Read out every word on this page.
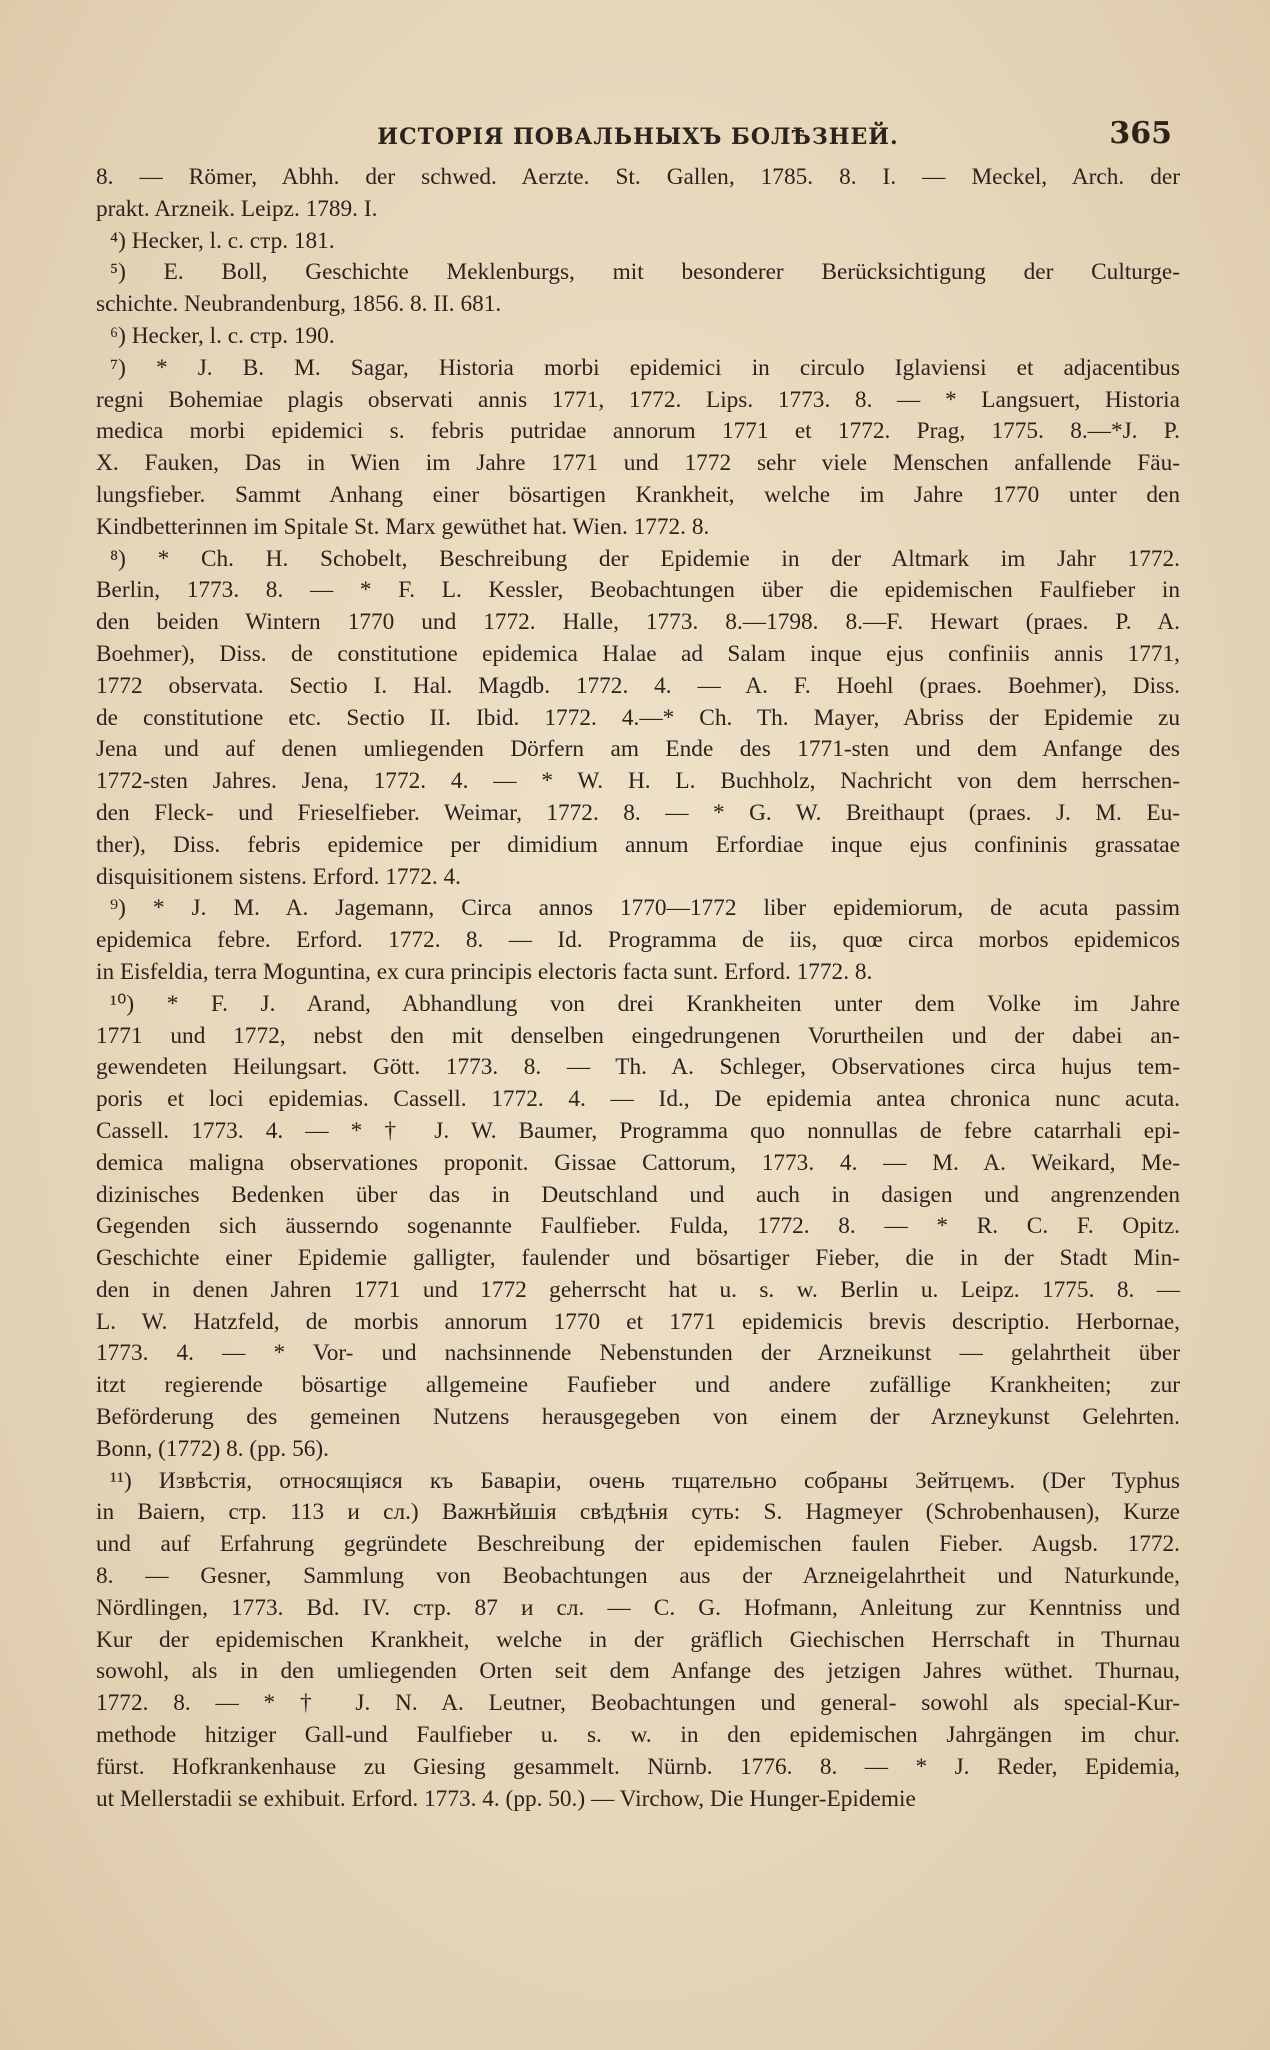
ИСТОРІЯ ПОВАЛЬНЫХЪ БОЛѢЗНЕЙ.	365

8. — Römer, Abhh. der schwed. Aerzte. St. Gallen, 1785. 8. I. — Meckel, Arch. der
prakt. Arzneik. Leipz. 1789. I.

⁴) Hecker, l. c. стр. 181.

⁵) E. Boll, Geschichte Meklenburgs, mit besonderer Berücksichtigung der Culturge-
schichte. Neubrandenburg, 1856. 8. II. 681.

⁶) Hecker, l. c. стр. 190.

⁷) * J. B. M. Sagar, Historia morbi epidemici in circulo Iglaviensi et adjacentibus
regni Bohemiae plagis observati annis 1771, 1772. Lips. 1773. 8. — * Langsuert, Historia
medica morbi epidemici s. febris putridae annorum 1771 et 1772. Prag, 1775. 8.—*J. P.
X. Fauken, Das in Wien im Jahre 1771 und 1772 sehr viele Menschen anfallende Fäu-
lungsfieber. Sammt Anhang einer bösartigen Krankheit, welche im Jahre 1770 unter den
Kindbetterinnen im Spitale St. Marx gewüthet hat. Wien. 1772. 8.

⁸) * Ch. H. Schobelt, Beschreibung der Epidemie in der Altmark im Jahr 1772.
Berlin, 1773. 8. — * F. L. Kessler, Beobachtungen über die epidemischen Faulfieber in
den beiden Wintern 1770 und 1772. Halle, 1773. 8.—1798. 8.—F. Hewart (praes. P. A.
Boehmer), Diss. de constitutione epidemica Halae ad Salam inque ejus confiniis annis 1771,
1772 observata. Sectio I. Hal. Magdb. 1772. 4. — A. F. Hoehl (praes. Boehmer), Diss.
de constitutione etc. Sectio II. Ibid. 1772. 4.—* Ch. Th. Mayer, Abriss der Epidemie zu
Jena und auf denen umliegenden Dörfern am Ende des 1771-sten und dem Anfange des
1772-sten Jahres. Jena, 1772. 4. — * W. H. L. Buchholz, Nachricht von dem herrschen-
den Fleck- und Frieselfieber. Weimar, 1772. 8. — * G. W. Breithaupt (praes. J. M. Eu-
ther), Diss. febris epidemice per dimidium annum Erfordiae inque ejus confininis grassatae
disquisitionem sistens. Erford. 1772. 4.

⁹) * J. M. A. Jagemann, Circa annos 1770—1772 liber epidemiorum, de acuta passim
epidemica febre. Erford. 1772. 8. — Id. Programma de iis, quœ circa morbos epidemicos
in Eisfeldia, terra Moguntina, ex cura principis electoris facta sunt. Erford. 1772. 8.

¹⁰) * F. J. Arand, Abhandlung von drei Krankheiten unter dem Volke im Jahre
1771 und 1772, nebst den mit denselben eingedrungenen Vorurtheilen und der dabei an-
gewendeten Heilungsart. Gött. 1773. 8. — Th. A. Schleger, Observationes circa hujus tem-
poris et loci epidemias. Cassell. 1772. 4. — Id., De epidemia antea chronica nunc acuta.
Cassell. 1773. 4. — * † J. W. Baumer, Programma quo nonnullas de febre catarrhali epi-
demica maligna observationes proponit. Gissae Cattorum, 1773. 4. — M. A. Weikard, Me-
dizinisches Bedenken über das in Deutschland und auch in dasigen und angrenzenden
Gegenden sich äusserndo sogenannte Faulfieber. Fulda, 1772. 8. — * R. C. F. Opitz.
Geschichte einer Epidemie galligter, faulender und bösartiger Fieber, die in der Stadt Min-
den in denen Jahren 1771 und 1772 geherrscht hat u. s. w. Berlin u. Leipz. 1775. 8. —
L. W. Hatzfeld, de morbis annorum 1770 et 1771 epidemicis brevis descriptio. Herbornae,
1773. 4. — * Vor- und nachsinnende Nebenstunden der Arzneikunst — gelahrtheit über
itzt regierende bösartige allgemeine Faufieber und andere zufällige Krankheiten; zur
Beförderung des gemeinen Nutzens herausgegeben von einem der Arzneykunst Gelehrten.
Bonn, (1772) 8. (pp. 56).

¹¹) Извѣстія, относящіяся къ Баваріи, очень тщательно собраны Зейтцемъ. (Der Typhus
in Baiern, стр. 113 и сл.) Важнѣйшія свѣдѣнія суть: S. Hagmeyer (Schrobenhausen), Kurze
und auf Erfahrung gegründete Beschreibung der epidemischen faulen Fieber. Augsb. 1772.
8. — Gesner, Sammlung von Beobachtungen aus der Arzneigelahrtheit und Naturkunde,
Nördlingen, 1773. Bd. IV. стр. 87 и сл. — C. G. Hofmann, Anleitung zur Kenntniss und
Kur der epidemischen Krankheit, welche in der gräflich Giechischen Herrschaft in Thurnau
sowohl, als in den umliegenden Orten seit dem Anfange des jetzigen Jahres wüthet. Thurnau,
1772. 8. — * † J. N. A. Leutner, Beobachtungen und general- sowohl als special-Kur-
methode hitziger Gall-und Faulfieber u. s. w. in den epidemischen Jahrgängen im chur.
fürst. Hofkrankenhause zu Giesing gesammelt. Nürnb. 1776. 8. — * J. Reder, Epidemia,
ut Mellerstadii se exhibuit. Erford. 1773. 4. (pp. 50.) — Virchow, Die Hunger-Epidemie
